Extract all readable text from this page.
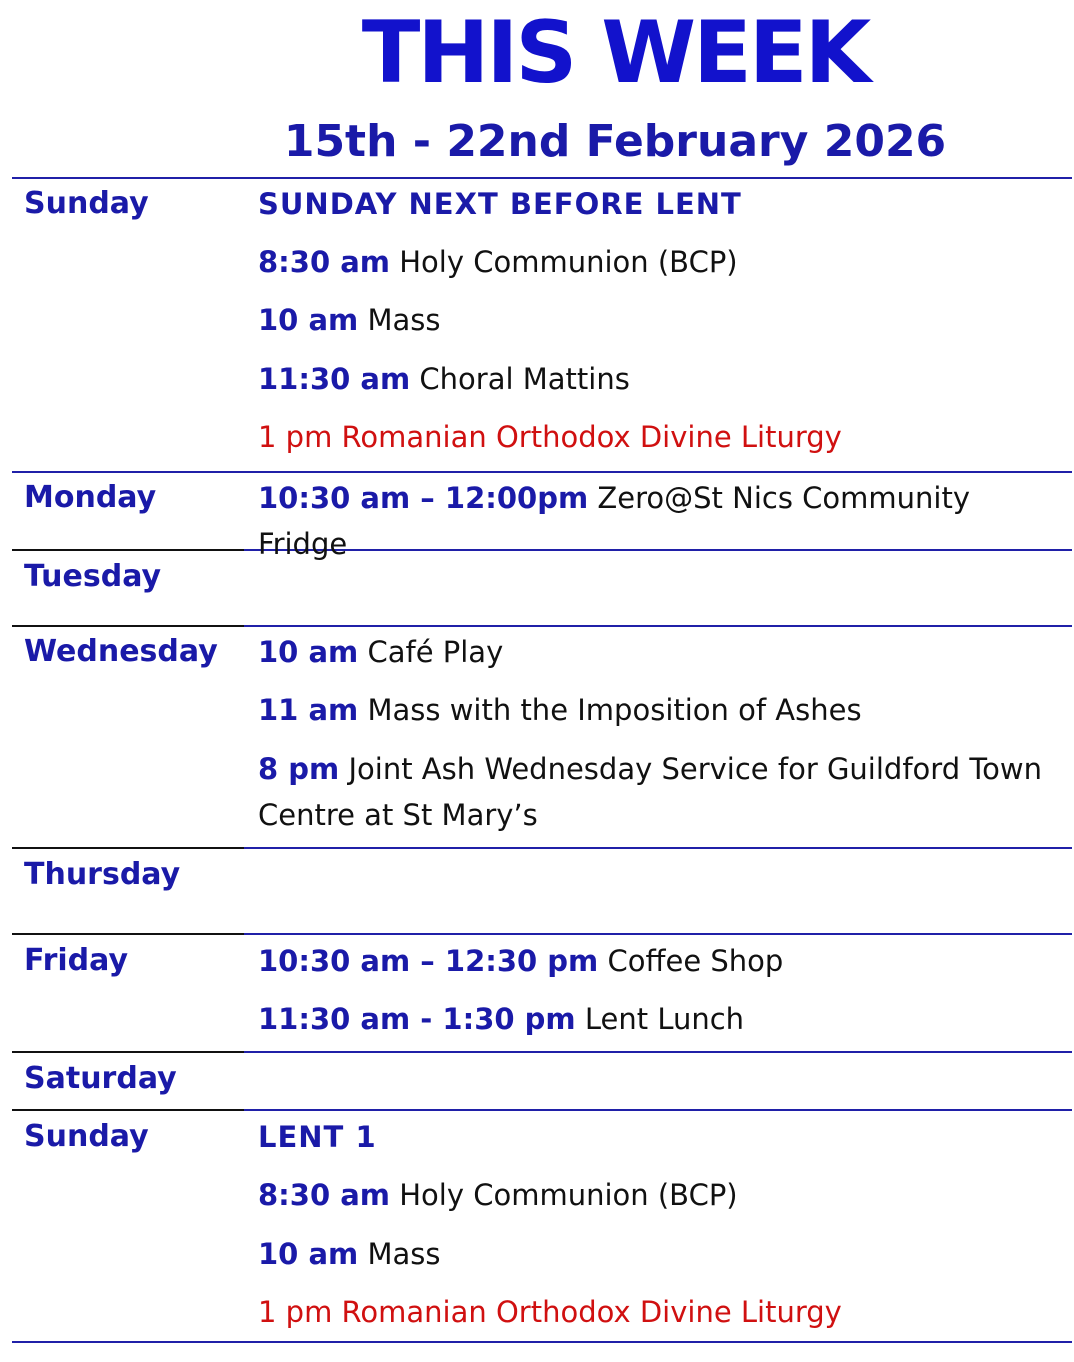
THIS WEEK
15th - 22nd February 2026
Sunday	SUNDAY NEXT BEFORE LENT
8:30 am Holy Communion (BCP)
10 am Mass
11:30 am Choral Mattins
1 pm Romanian Orthodox Divine Liturgy
Monday	10:30 am – 12:00pm Zero@St Nics Community Fridge
Tuesday
Wednesday 10 am Café Play
11 am Mass with the Imposition of Ashes
8 pm Joint Ash Wednesday Service for Guildford Town Centre at St Mary’s
Thursday
Friday	10:30 am – 12:30 pm Coffee Shop
11:30 am - 1:30 pm Lent Lunch
Saturday
Sunday	LENT 1
8:30 am Holy Communion (BCP)
10 am Mass
1 pm Romanian Orthodox Divine Liturgy
